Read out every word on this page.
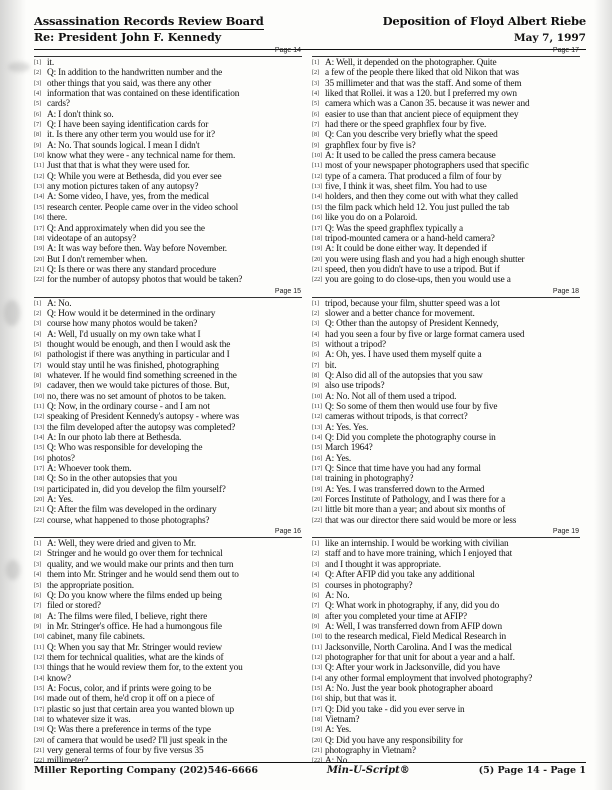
Assassination Records Review Board	Deposition of Floyd Albert Riebe
Re: President John F. Kennedy	May 7, 1997
Page 14
[1] it.
[2] Q: In addition to the handwritten number and the
[3] other things that you said, was there any other
[4] information that was contained on these identification
[5] cards?
[6] A: I don't think so.
[7] Q: I have been saying identification cards for
[8] it. Is there any other term you would use for it?
[9] A: No. That sounds logical. I mean I didn't
[10] know what they were - any technical name for them.
[11] Just that that is what they were used for.
[12] Q: While you were at Bethesda, did you ever see
[13] any motion pictures taken of any autopsy?
[14] A: Some video, I have, yes, from the medical
[15] research center. People came over in the video school
[16] there.
[17] Q: And approximately when did you see the
[18] videotape of an autopsy?
[19] A: It was way before then. Way before November.
[20] But I don't remember when.
[21] Q: Is there or was there any standard procedure
[22] for the number of autopsy photos that would be taken?
Page 15
[1] A: No.
[2] Q: How would it be determined in the ordinary
[3] course how many photos would be taken?
[4] A: Well, I'd usually on my own take what I
[5] thought would be enough, and then I would ask the
[6] pathologist if there was anything in particular and I
[7] would stay until he was finished, photographing
[8] whatever. If he would find something screened in the
[9] cadaver, then we would take pictures of those. But,
[10] no, there was no set amount of photos to be taken.
[11] Q: Now, in the ordinary course - and I am not
[12] speaking of President Kennedy's autopsy - where was
[13] the film developed after the autopsy was completed?
[14] A: In our photo lab there at Bethesda.
[15] Q: Who was responsible for developing the
[16] photos?
[17] A: Whoever took them.
[18] Q: So in the other autopsies that you
[19] participated in, did you develop the film yourself?
[20] A: Yes.
[21] Q: After the film was developed in the ordinary
[22] course, what happened to those photographs?
Page 16
[1] A: Well, they were dried and given to Mr.
[2] Stringer and he would go over them for technical
[3] quality, and we would make our prints and then turn
[4] them into Mr. Stringer and he would send them out to
[5] the appropriate position.
[6] Q: Do you know where the films ended up being
[7] filed or stored?
[8] A: The films were filed, I believe, right there
[9] in Mr. Stringer's office. He had a humongous file
[10] cabinet, many file cabinets.
[11] Q: When you say that Mr. Stringer would review
[12] them for technical qualities, what are the kinds of
[13] things that he would review them for, to the extent you
[14] know?
[15] A: Focus, color, and if prints were going to be
[16] made out of them, he'd crop it off on a piece of
[17] plastic so just that certain area you wanted blown up
[18] to whatever size it was.
[19] Q: Was there a preference in terms of the type
[20] of camera that would be used? I'll just speak in the
[21] very general terms of four by five versus 35
[22] millimeter?
Page 17
[1] A: Well, it depended on the photographer. Quite
[2] a few of the people there liked that old Nikon that was
[3] 35 millimeter and that was the staff. And some of them
[4] liked that Rollei. it was a 120. but I preferred my own
[5] camera which was a Canon 35. because it was newer and
[6] easier to use than that ancient piece of equipment they
[7] had there or the speed graphflex four by five.
[8] Q: Can you describe very briefly what the speed
[9] graphflex four by five is?
[10] A: It used to be called the press camera because
[11] most of your newspaper photographers used that specific
[12] type of a camera. That produced a film of four by
[13] five, I think it was, sheet film. You had to use
[14] holders, and then they come out with what they called
[15] the film pack which held 12. You just pulled the tab
[16] like you do on a Polaroid.
[17] Q: Was the speed graphflex typically a
[18] tripod-mounted camera or a hand-held camera?
[19] A: It could be done either way. It depended if
[20] you were using flash and you had a high enough shutter
[21] speed, then you didn't have to use a tripod. But if
[22] you are going to do close-ups, then you would use a
Page 18
[1] tripod, because your film, shutter speed was a lot
[2] slower and a better chance for movement.
[3] Q: Other than the autopsy of President Kennedy,
[4] had you seen a four by five or large format camera used
[5] without a tripod?
[6] A: Oh, yes. I have used them myself quite a
[7] bit.
[8] Q: Also did all of the autopsies that you saw
[9] also use tripods?
[10] A: No. Not all of them used a tripod.
[11] Q: So some of them then would use four by five
[12] cameras without tripods, is that correct?
[13] A: Yes. Yes.
[14] Q: Did you complete the photography course in
[15] March 1964?
[16] A: Yes.
[17] Q: Since that time have you had any formal
[18] training in photography?
[19] A: Yes. I was transferred down to the Armed
[20] Forces Institute of Pathology, and I was there for a
[21] little bit more than a year; and about six months of
[22] that was our director there said would be more or less
Page 19
[1] like an internship. I would be working with civilian
[2] staff and to have more training, which I enjoyed that
[3] and I thought it was appropriate.
[4] Q: After AFIP did you take any additional
[5] courses in photography?
[6] A: No.
[7] Q: What work in photography, if any, did you do
[8] after you completed your time at AFIP?
[9] A: Well, I was transferred down from AFIP down
[10] to the research medical, Field Medical Research in
[11] Jacksonville, North Carolina. And I was the medical
[12] photographer for that unit for about a year and a half.
[13] Q: After your work in Jacksonville, did you have
[14] any other formal employment that involved photography?
[15] A: No. Just the year book photographer aboard
[16] ship, but that was it.
[17] Q: Did you take - did you ever serve in
[18] Vietnam?
[19] A: Yes.
[20] Q: Did you have any responsibility for
[21] photography in Vietnam?
[22] A: No.
Miller Reporting Company (202)546-6666	Min-U-Script®	(5) Page 14 - Page 1
